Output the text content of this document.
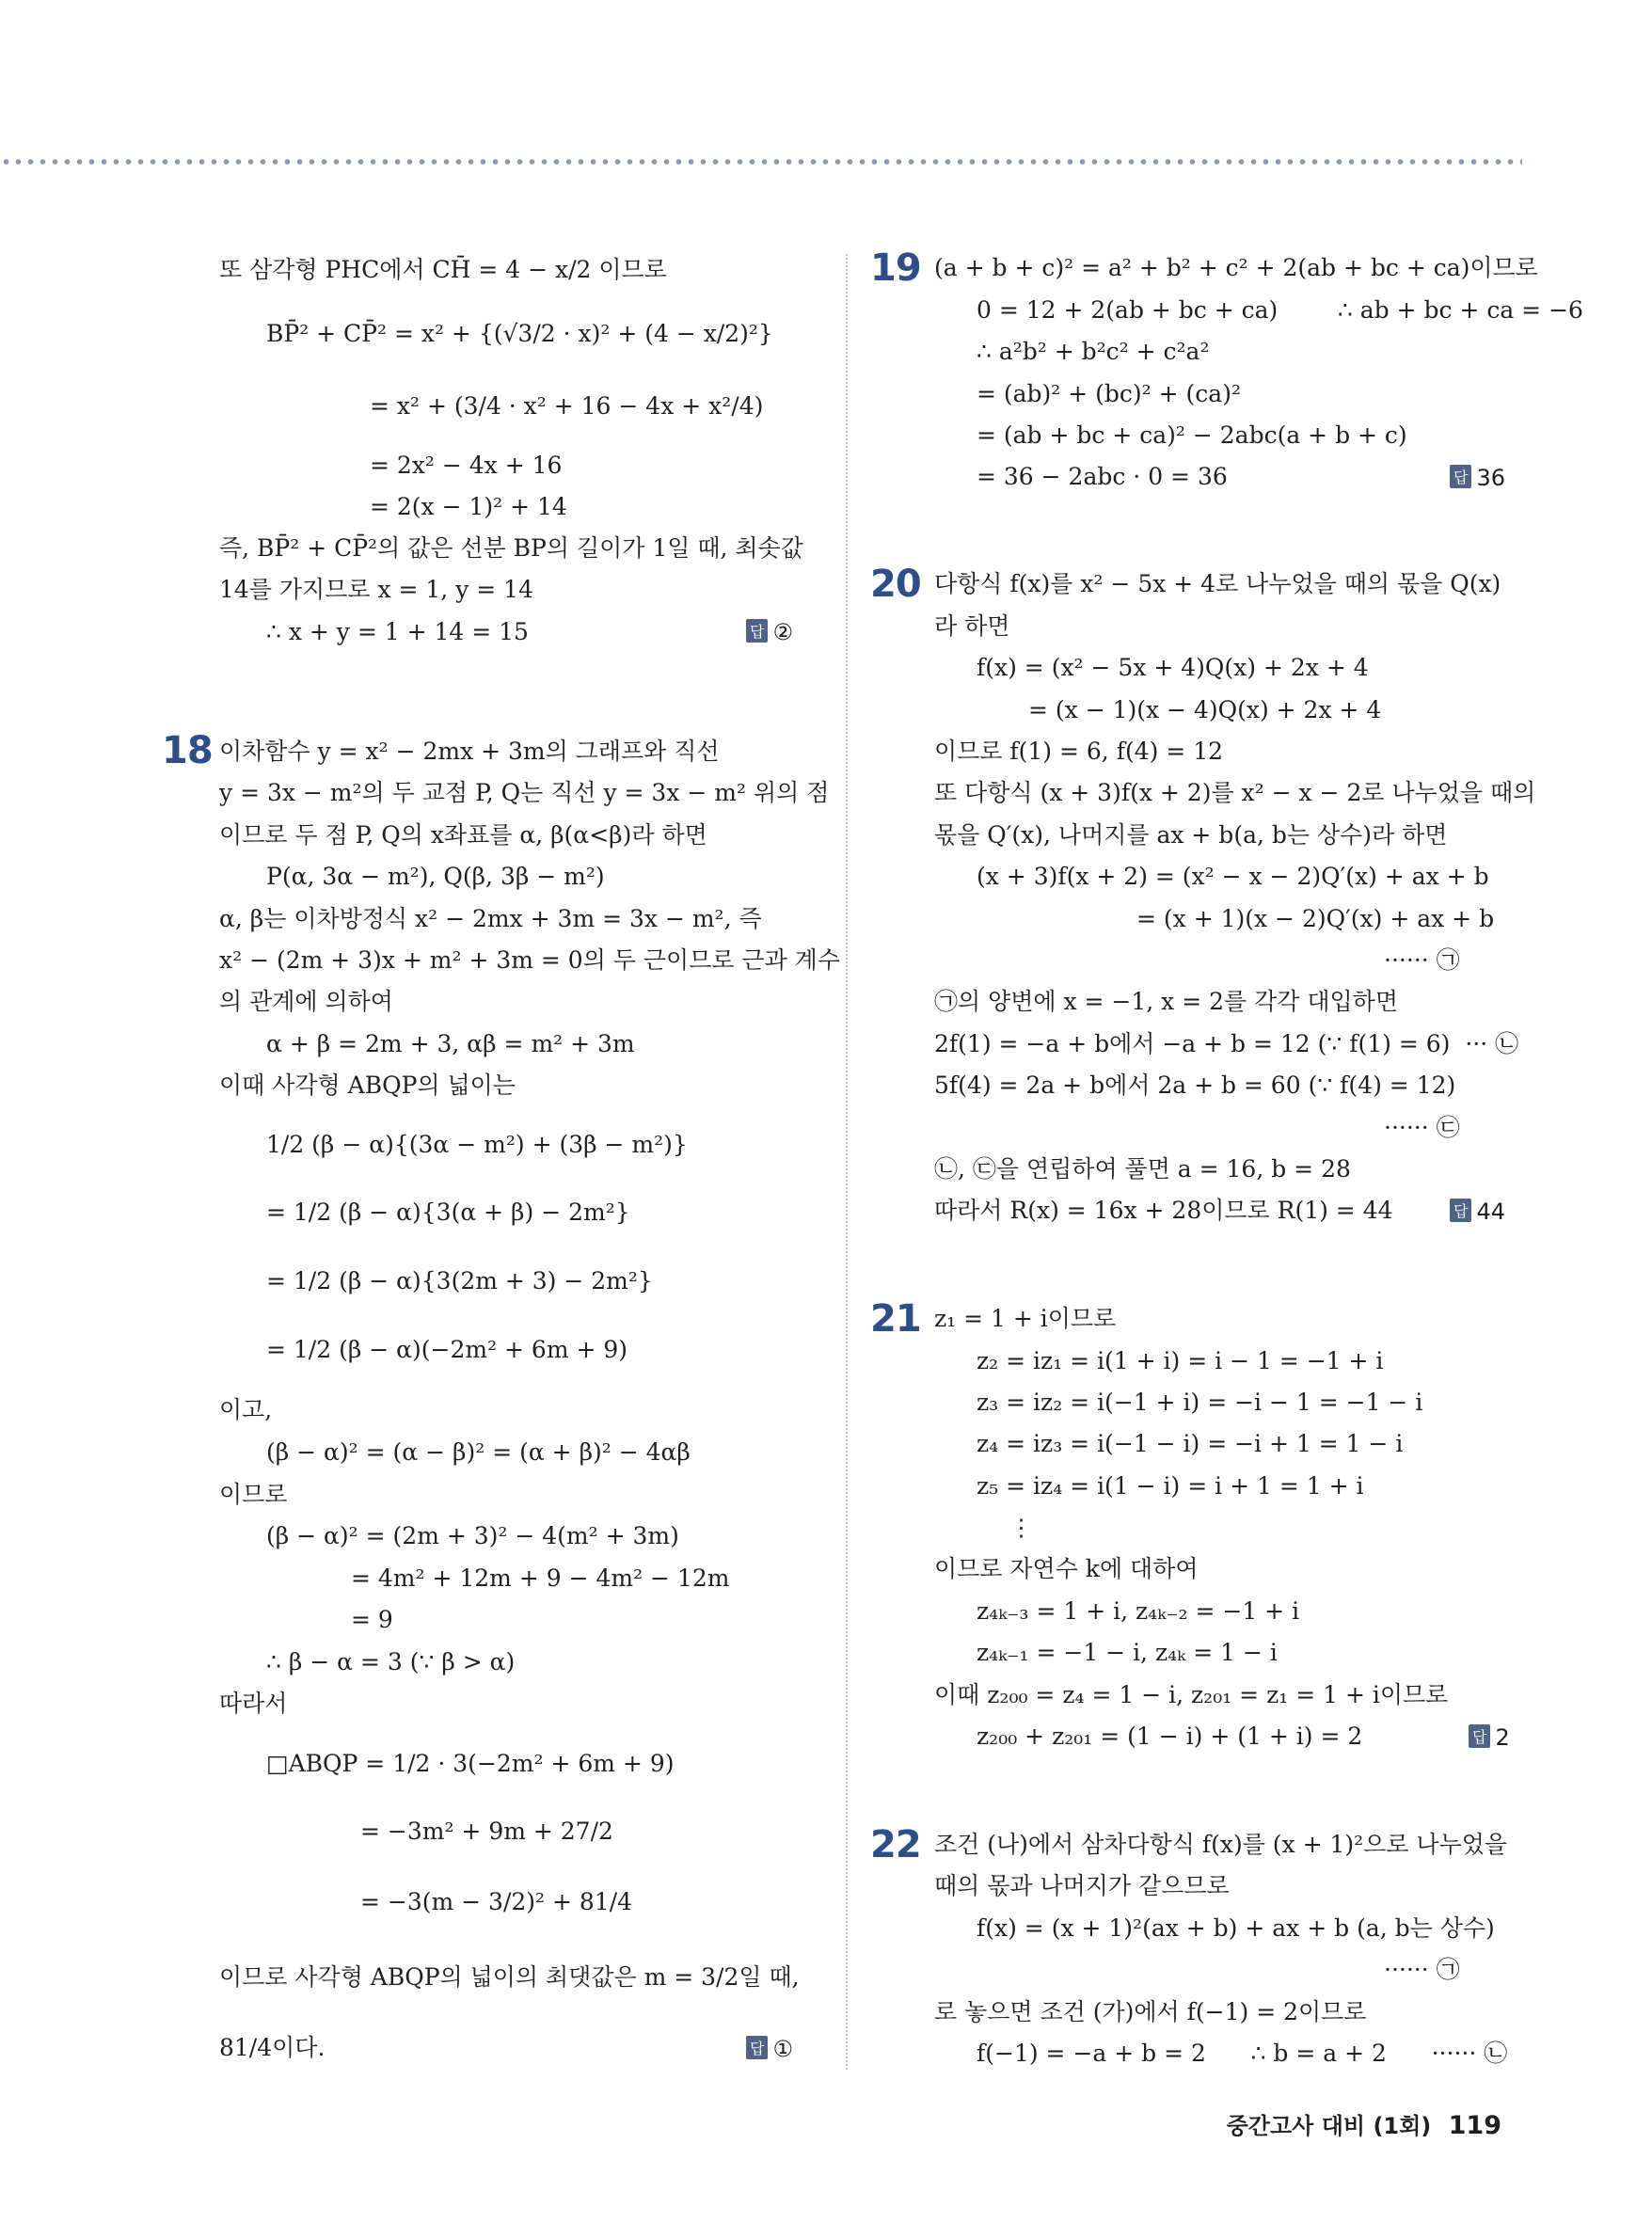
또 삼각형 PHC에서 CH̄ = 4 − x/2 이므로
BP̄² + CP̄² = x² + {(√3/2 · x)² + (4 − x/2)²}
= x² + (3/4 · x² + 16 − 4x + x²/4)
= 2x² − 4x + 16
= 2(x − 1)² + 14
즉, BP̄² + CP̄²의 값은 선분 BP의 길이가 1일 때, 최솟값
14를 가지므로 x = 1, y = 14
∴ x + y = 1 + 14 = 15	답 ②
이차함수 y = x² − 2mx + 3m의 그래프와 직선
y = 3x − m²의 두 교점 P, Q는 직선 y = 3x − m² 위의 점
이므로 두 점 P, Q의 x좌표를 α, β(α<β)라 하면
P(α, 3α − m²), Q(β, 3β − m²)
α, β는 이차방정식 x² − 2mx + 3m = 3x − m², 즉
x² − (2m + 3)x + m² + 3m = 0의 두 근이므로 근과 계수
의 관계에 의하여
α + β = 2m + 3, αβ = m² + 3m
이때 사각형 ABQP의 넓이는
1/2 (β − α){(3α − m²) + (3β − m²)}
= 1/2 (β − α){3(α + β) − 2m²}
= 1/2 (β − α){3(2m + 3) − 2m²}
= 1/2 (β − α)(−2m² + 6m + 9)
이고,
(β − α)² = (α − β)² = (α + β)² − 4αβ
이므로
(β − α)² = (2m + 3)² − 4(m² + 3m)
= 4m² + 12m + 9 − 4m² − 12m
= 9
∴ β − α = 3 (∵ β > α)
따라서
□ABQP = 1/2 · 3(−2m² + 6m + 9)
= −3m² + 9m + 27/2
= −3(m − 3/2)² + 81/4
이므로 사각형 ABQP의 넓이의 최댓값은 m = 3/2일 때,
81/4이다.	답 ①
18
(a + b + c)² = a² + b² + c² + 2(ab + bc + ca)이므로
0 = 12 + 2(ab + bc + ca)        ∴ ab + bc + ca = −6
∴ a²b² + b²c² + c²a²
= (ab)² + (bc)² + (ca)²
= (ab + bc + ca)² − 2abc(a + b + c)
= 36 − 2abc · 0 = 36	답 36
다항식 f(x)를 x² − 5x + 4로 나누었을 때의 몫을 Q(x)
라 하면
f(x) = (x² − 5x + 4)Q(x) + 2x + 4
= (x − 1)(x − 4)Q(x) + 2x + 4
이므로 f(1) = 6, f(4) = 12
또 다항식 (x + 3)f(x + 2)를 x² − x − 2로 나누었을 때의
몫을 Q′(x), 나머지를 ax + b(a, b는 상수)라 하면
(x + 3)f(x + 2) = (x² − x − 2)Q′(x) + ax + b
= (x + 1)(x − 2)Q′(x) + ax + b
······ ㉠
㉠의 양변에 x = −1, x = 2를 각각 대입하면
2f(1) = −a + b에서 −a + b = 12 (∵ f(1) = 6)  ··· ㉡
5f(4) = 2a + b에서 2a + b = 60 (∵ f(4) = 12)
······ ㉢
㉡, ㉢을 연립하여 풀면 a = 16, b = 28
따라서 R(x) = 16x + 28이므로 R(1) = 44	답 44
z₁ = 1 + i이므로
z₂ = iz₁ = i(1 + i) = i − 1 = −1 + i
z₃ = iz₂ = i(−1 + i) = −i − 1 = −1 − i
z₄ = iz₃ = i(−1 − i) = −i + 1 = 1 − i
z₅ = iz₄ = i(1 − i) = i + 1 = 1 + i
⋮
이므로 자연수 k에 대하여
z₄ₖ₋₃ = 1 + i, z₄ₖ₋₂ = −1 + i
z₄ₖ₋₁ = −1 − i, z₄ₖ = 1 − i
이때 z₂₀₀ = z₄ = 1 − i, z₂₀₁ = z₁ = 1 + i이므로
z₂₀₀ + z₂₀₁ = (1 − i) + (1 + i) = 2	답 2
조건 (나)에서 삼차다항식 f(x)를 (x + 1)²으로 나누었을
때의 몫과 나머지가 같으므로
f(x) = (x + 1)²(ax + b) + ax + b (a, b는 상수)
······ ㉠
로 놓으면 조건 (가)에서 f(−1) = 2이므로
f(−1) = −a + b = 2      ∴ b = a + 2      ······ ㉡
19
20
21
22
중간고사 대비 (1회) 119
